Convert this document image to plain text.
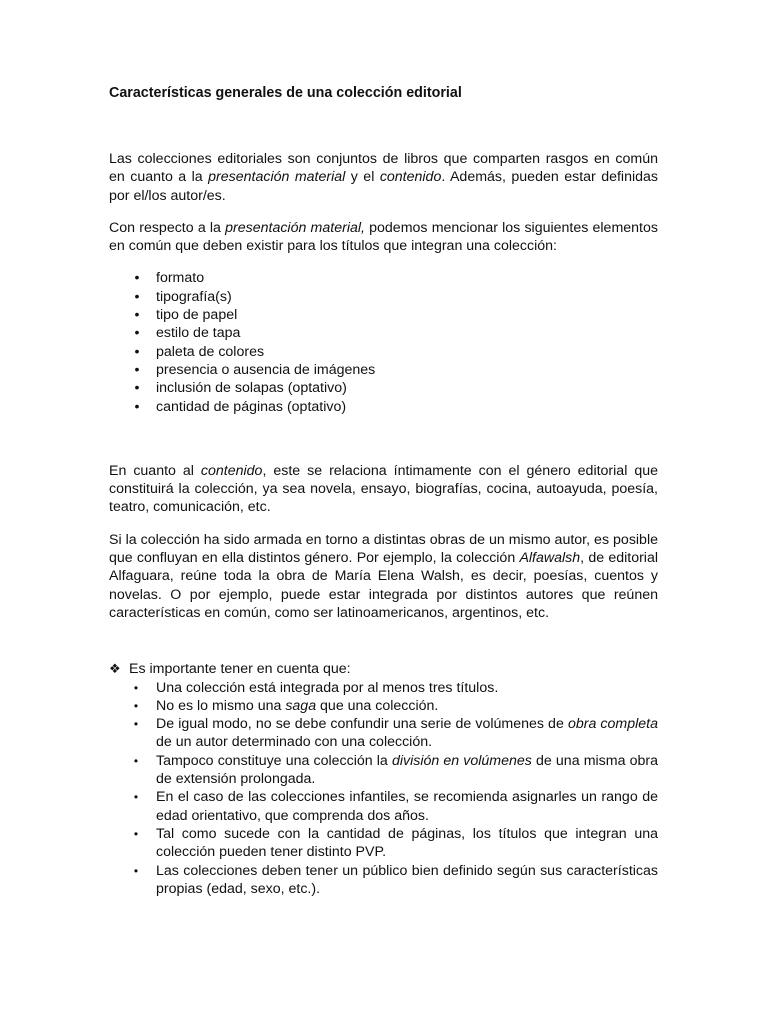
Características generales de una colección editorial

Las colecciones editoriales son conjuntos de libros que comparten rasgos en común en cuanto a la presentación material y el contenido. Además, pueden estar definidas por el/los autor/es.

Con respecto a la presentación material, podemos mencionar los siguientes elementos en común que deben existir para los títulos que integran una colección:

•	formato
•	tipografía(s)
•	tipo de papel
•	estilo de tapa
•	paleta de colores
•	presencia o ausencia de imágenes
•	inclusión de solapas (optativo)
•	cantidad de páginas (optativo)

En cuanto al contenido, este se relaciona íntimamente con el género editorial que constituirá la colección, ya sea novela, ensayo, biografías, cocina, autoayuda, poesía, teatro, comunicación, etc.

Si la colección ha sido armada en torno a distintas obras de un mismo autor, es posible que confluyan en ella distintos género. Por ejemplo, la colección Alfawalsh, de editorial Alfaguara, reúne toda la obra de María Elena Walsh, es decir, poesías, cuentos y novelas. O por ejemplo, puede estar integrada por distintos autores que reúnen características en común, como ser latinoamericanos, argentinos, etc.

❖ Es importante tener en cuenta que:
•	Una colección está integrada por al menos tres títulos.
•	No es lo mismo una saga que una colección.
•	De igual modo, no se debe confundir una serie de volúmenes de obra completa de un autor determinado con una colección.
•	Tampoco constituye una colección la división en volúmenes de una misma obra de extensión prolongada.
•	En el caso de las colecciones infantiles, se recomienda asignarles un rango de edad orientativo, que comprenda dos años.
•	Tal como sucede con la cantidad de páginas, los títulos que integran una colección pueden tener distinto PVP.
•	Las colecciones deben tener un público bien definido según sus características propias (edad, sexo, etc.).
